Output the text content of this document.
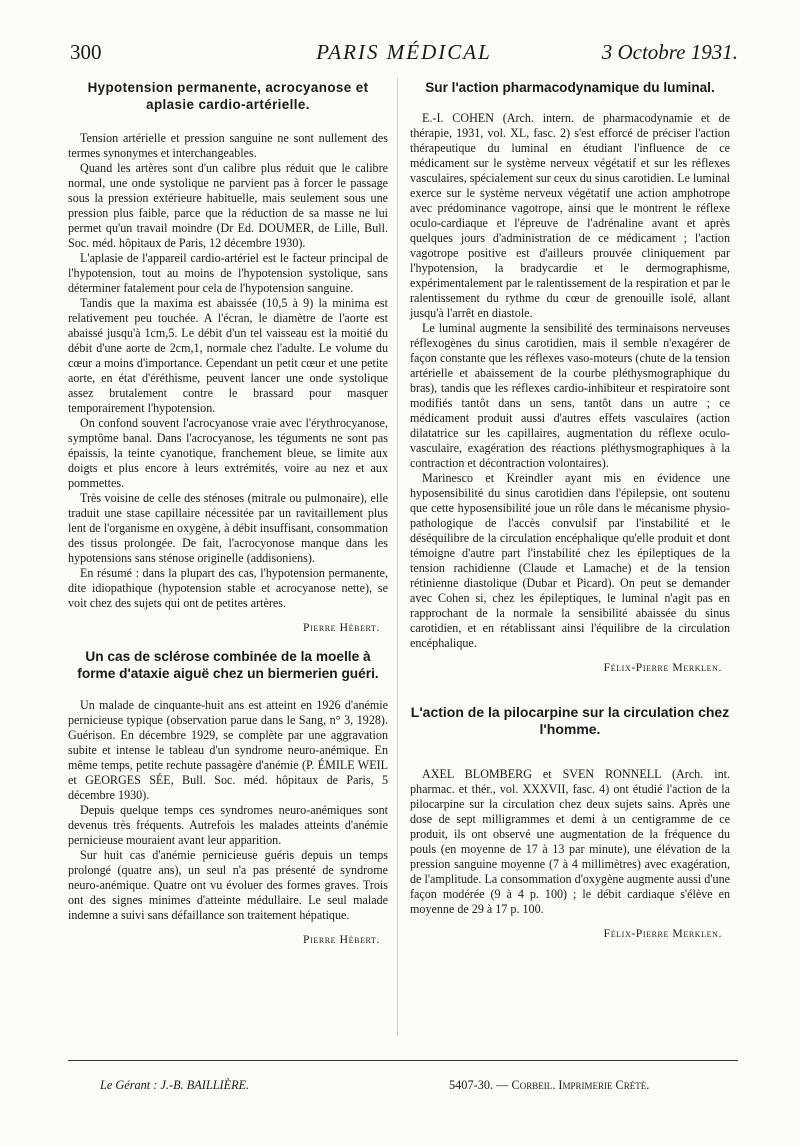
300	PARIS MÉDICAL	3 Octobre 1931.
Hypotension permanente, acrocyanose et aplasie cardio-artérielle.

Tension artérielle et pression sanguine ne sont nullement des termes synonymes et interchangeables.

Quand les artères sont d'un calibre plus réduit que le calibre normal, une onde systolique ne parvient pas à forcer le passage sous la pression extérieure habituelle, mais seulement sous une pression plus faible, parce que la réduction de sa masse ne lui permet qu'un travail moindre (Dr Ed. DOUMER, de Lille, Bull. Soc. méd. hôpitaux de Paris, 12 décembre 1930).

L'aplasie de l'appareil cardio-artériel est le facteur principal de l'hypotension, tout au moins de l'hypotension systolique, sans déterminer fatalement pour cela de l'hypotension sanguine.

Tandis que la maxima est abaissée (10,5 à 9) la minima est relativement peu touchée. A l'écran, le diamètre de l'aorte est abaissé jusqu'à 1cm,5. Le débit d'un tel vaisseau est la moitié du débit d'une aorte de 2cm,1, normale chez l'adulte. Le volume du cœur a moins d'importance. Cependant un petit cœur et une petite aorte, en état d'éréthisme, peuvent lancer une onde systolique assez brutalement contre le brassard pour masquer temporairement l'hypotension.

On confond souvent l'acrocyanose vraie avec l'érythrocyanose, symptôme banal. Dans l'acrocyanose, les téguments ne sont pas épaissis, la teinte cyanotique, franchement bleue, se limite aux doigts et plus encore à leurs extrémités, voire au nez et aux pommettes.

Très voisine de celle des sténoses (mitrale ou pulmonaire), elle traduit une stase capillaire nécessitée par un ravitaillement plus lent de l'organisme en oxygène, à débit insuffisant, consommation des tissus prolongée. De fait, l'acrocyonose manque dans les hypotensions sans sténose originelle (addisoniens).

En résumé : dans la plupart des cas, l'hypotension permanente, dite idiopathique (hypotension stable et acrocyanose nette), se voit chez des sujets qui ont de petites artères.

Pierre Hébert.
Un cas de sclérose combinée de la moelle à forme d'ataxie aiguë chez un biermerien guéri.

Un malade de cinquante-huit ans est atteint en 1926 d'anémie pernicieuse typique (observation parue dans le Sang, n° 3, 1928). Guérison. En décembre 1929, se complète par une aggravation subite et intense le tableau d'un syndrome neuro-anémique. En même temps, petite rechute passagère d'anémie (P. ÉMILE WEIL et GEORGES SÉE, Bull. Soc. méd. hôpitaux de Paris, 5 décembre 1930).

Depuis quelque temps ces syndromes neuro-anémiques sont devenus très fréquents. Autrefois les malades atteints d'anémie pernicieuse mouraient avant leur apparition.

Sur huit cas d'anémie pernicieuse guéris depuis un temps prolongé (quatre ans), un seul n'a pas présenté de syndrome neuro-anémique. Quatre ont vu évoluer des formes graves. Trois ont des signes minimes d'atteinte médullaire. Le seul malade indemne a suivi sans défaillance son traitement hépatique.

Pierre Hébert.
Sur l'action pharmacodynamique du luminal.

E.-I. COHEN (Arch. intern. de pharmacodynamie et de thérapie, 1931, vol. XL, fasc. 2) s'est efforcé de préciser l'action thérapeutique du luminal en étudiant l'influence de ce médicament sur le système nerveux végétatif et sur les réflexes vasculaires, spécialement sur ceux du sinus carotidien. Le luminal exerce sur le système nerveux végétatif une action amphotrope avec prédominance vagotrope, ainsi que le montrent le réflexe oculo-cardiaque et l'épreuve de l'adrénaline avant et après quelques jours d'administration de ce médicament ; l'action vagotrope positive est d'ailleurs prouvée cliniquement par l'hypotension, la bradycardie et le dermographisme, expérimentalement par le ralentissement de la respiration et par le ralentissement du rythme du cœur de grenouille isolé, allant jusqu'à l'arrêt en diastole.

Le luminal augmente la sensibilité des terminaisons nerveuses réflexogènes du sinus carotidien, mais il semble n'exagérer de façon constante que les réflexes vaso-moteurs (chute de la tension artérielle et abaissement de la courbe pléthysmographique du bras), tandis que les réflexes cardio-inhibiteur et respiratoire sont modifiés tantôt dans un sens, tantôt dans un autre ; ce médicament produit aussi d'autres effets vasculaires (action dilatatrice sur les capillaires, augmentation du réflexe oculo-vasculaire, exagération des réactions pléthysmographiques à la contraction et décontraction volontaires).

Marinesco et Kreindler ayant mis en évidence une hyposensibilité du sinus carotidien dans l'épilepsie, ont soutenu que cette hyposensibilité joue un rôle dans le mécanisme physio-pathologique de l'accès convulsif par l'instabilité et le déséquilibre de la circulation encéphalique qu'elle produit et dont témoigne d'autre part l'instabilité chez les épileptiques de la tension rachidienne (Claude et Lamache) et de la tension rétinienne diastolique (Dubar et Picard). On peut se demander avec Cohen si, chez les épileptiques, le luminal n'agit pas en rapprochant de la normale la sensibilité abaissée du sinus carotidien, et en rétablissant ainsi l'équilibre de la circulation encéphalique.

Félix-Pierre Merklen.
L'action de la pilocarpine sur la circulation chez l'homme.

AXEL BLOMBERG et SVEN RONNELL (Arch. int. pharmac. et thér., vol. XXXVII, fasc. 4) ont étudié l'action de la pilocarpine sur la circulation chez deux sujets sains. Après une dose de sept milligrammes et demi à un centigramme de ce produit, ils ont observé une augmentation de la fréquence du pouls (en moyenne de 17 à 13 par minute), une élévation de la pression sanguine moyenne (7 à 4 millimètres) avec exagération, de l'amplitude. La consommation d'oxygène augmente aussi d'une façon modérée (9 à 4 p. 100) ; le débit cardiaque s'élève en moyenne de 29 à 17 p. 100.

Félix-Pierre Merklen.
Le Gérant : J.-B. BAILLIÈRE.	5407-30. — Corbeil. Imprimerie Crété.
